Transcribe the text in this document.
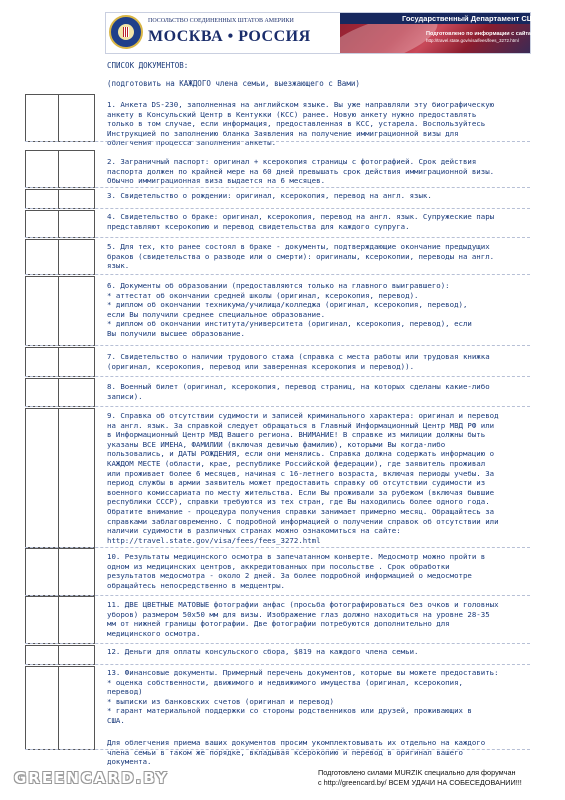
ПОСОЛЬСТВО СОЕДИНЕННЫХ ШТАТОВ АМЕРИКИ
МОСКВА • РОССИЯ
Государственный Департамент США
Подготовлено по информации с сайта
http://travel.state.gov/visa/fees/fees_3272.html
СПИСОК ДОКУМЕНТОВ:
(подготовить на КАЖДОГО члена семьи, выезжающего с Вами)

1. Анкета DS-230, заполненная на английском языке. Вы уже направляли эту биографическую

анкету в Консульский Центр в Кентукки (КСС) ранее. Новую анкету нужно предоставлять

только в том случае, если информация, предоставленная в КСС, устарела. Воспользуйтесь

Инструкцией по заполнению бланка Заявления на получение иммиграционной визы для

облегчения процесса заполнения анкеты.

2. Заграничный паспорт: оригинал + ксерокопия страницы с фотографией. Срок действия

паспорта должен по крайней мере на 60 дней превышать срок действия иммиграционной визы.

Обычно иммиграционная виза выдается на 6 месяцев.

3. Свидетельство о рождении: оригинал, ксерокопия, перевод на англ. язык.

4. Свидетельство о браке: оригинал, ксерокопия, перевод на англ. язык. Супружеские пары

представляют ксерокопию и перевод свидетельства для каждого супруга.

5. Для тех, кто ранее состоял в браке - документы, подтверждающие окончание предыдущих

браков (свидетельства о разводе или о смерти): оригиналы, ксерокопии, переводы на англ.

язык.

6. Документы об образовании (предоставляются только на главного выигравшего):

* аттестат об окончании средней школы (оригинал, ксерокопия, перевод).

* диплом об окончании техникума/училища/колледжа (оригинал, ксерокопия, перевод),

если Вы получили среднее специальное образование.

* диплом об окончании института/университета (оригинал, ксерокопия, перевод), если

Вы получили высшее образование.

7. Свидетельство о наличии трудового стажа (справка с места работы или трудовая книжка

(оригинал, ксерокопия, перевод или заверенная ксерокопия и перевод)).

8. Военный билет (оригинал, ксерокопия, перевод страниц, на которых сделаны какие-либо

записи).

9. Справка об отсутствии судимости и записей криминального характера: оригинал и перевод

на англ. язык. За справкой следует обращаться в Главный Информационный Центр МВД РФ или

в Информационный Центр МВД Вашего региона. ВНИМАНИЕ! В справке из милиции должны быть

указаны ВСЕ ИМЕНА, ФАМИЛИИ (включая девичью фамилию), которыми Вы когда-либо

пользовались, и ДАТЫ РОЖДЕНИЯ, если они менялись. Справка должна содержать информацию о

КАЖДОМ МЕСТЕ (области, крае, республике Российской федерации), где заявитель проживал

или проживает более 6 месяцев, начиная с 16-летнего возраста, включая периоды учебы. За

период службы в армии заявитель может предоставить справку об отсутствии судимости из

военного комиссариата по месту жительства. Если Вы проживали за рубежом (включая бывшие

республики СССР), справки требуются из тех стран, где Вы находились более одного года.

Обратите внимание - процедура получения справки занимает примерно месяц. Обращайтесь за

справками заблаговременно. С подробной информацией о получении справок об отсутствии или

наличии судимости в различных странах можно ознакомиться на сайте:

http://travel.state.gov/visa/fees/fees_3272.html

10. Результаты медицинского осмотра в запечатанном конверте. Медосмотр можно пройти в

одном из медицинских центров, аккредитованных при посольстве . Срок обработки

результатов медосмотра - около 2 дней. За более подробной информацией о медосмотре

обращайтесь непосредственно в медцентры.

11. ДВЕ ЦВЕТНЫЕ МАТОВЫЕ фотографии анфас (просьба фотографироваться без очков и головных

уборов) размером 50x50 мм для визы. Изображение глаз должно находиться на уровне 28-35

мм от нижней границы фотографии. Две фотографии потребуются дополнительно для

медицинского осмотра.

12. Деньги для оплаты консульского сбора, $819 на каждого члена семьи.

13. Финансовые документы. Примерный перечень документов, которые вы можете предоставить:

* оценка собственности, движимого и недвижимого имущества (оригинал, ксерокопия,

перевод)

* выписки из банковских счетов (оригинал и перевод)

* гарант материальной поддержки со стороны родственников или друзей, проживающих в

США.

Для облегчения приема ваших документов просим укомплектовывать их отдельно на каждого

члена семьи в таком же порядке, вкладывая ксерокопию и перевод в оригинал вашего

документа.

GREENCARD.BY	Подготовлено силами MURZIK специально для форумчан
с http://greencard.by/ ВСЕМ УДАЧИ НА СОБЕСЕДОВАНИИ!!!
